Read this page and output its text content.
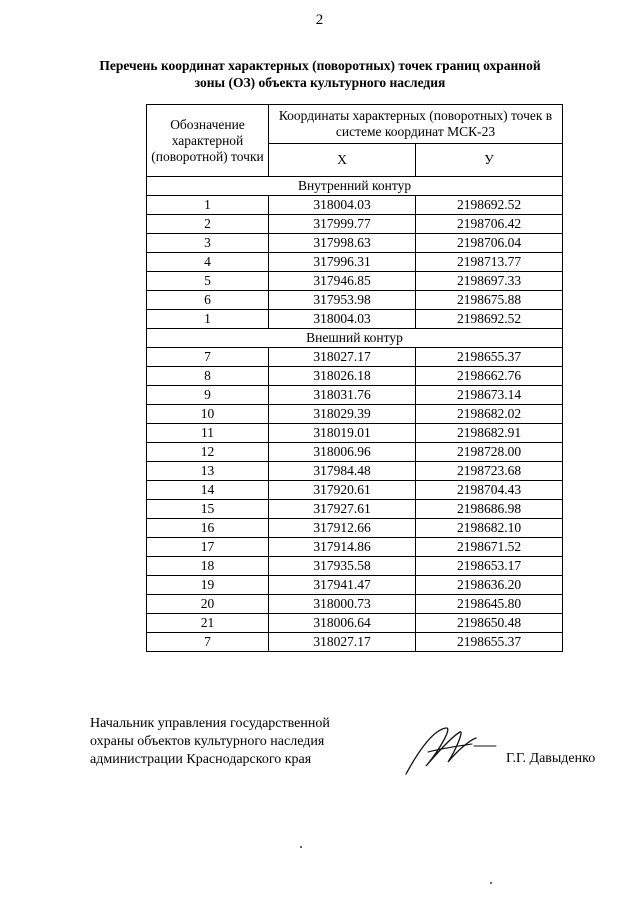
2
Перечень координат характерных (поворотных) точек границ охранной
зоны (ОЗ) объекта культурного наследия
Обозначение характерной (поворотной) точки	Координаты характерных (поворотных) точек в системе координат МСК-23	
	Х	У
Внутренний контур		
1	318004.03	2198692.52
2	317999.77	2198706.42
3	317998.63	2198706.04
4	317996.31	2198713.77
5	317946.85	2198697.33
6	317953.98	2198675.88
1	318004.03	2198692.52
Внешний контур		
7	318027.17	2198655.37
8	318026.18	2198662.76
9	318031.76	2198673.14
10	318029.39	2198682.02
11	318019.01	2198682.91
12	318006.96	2198728.00
13	317984.48	2198723.68
14	317920.61	2198704.43
15	317927.61	2198686.98
16	317912.66	2198682.10
17	317914.86	2198671.52
18	317935.58	2198653.17
19	317941.47	2198636.20
20	318000.73	2198645.80
21	318006.64	2198650.48
7	318027.17	2198655.37
Начальник управления государственной
охраны объектов культурного наследия
администрации Краснодарского края	Г.Г. Давыденко
